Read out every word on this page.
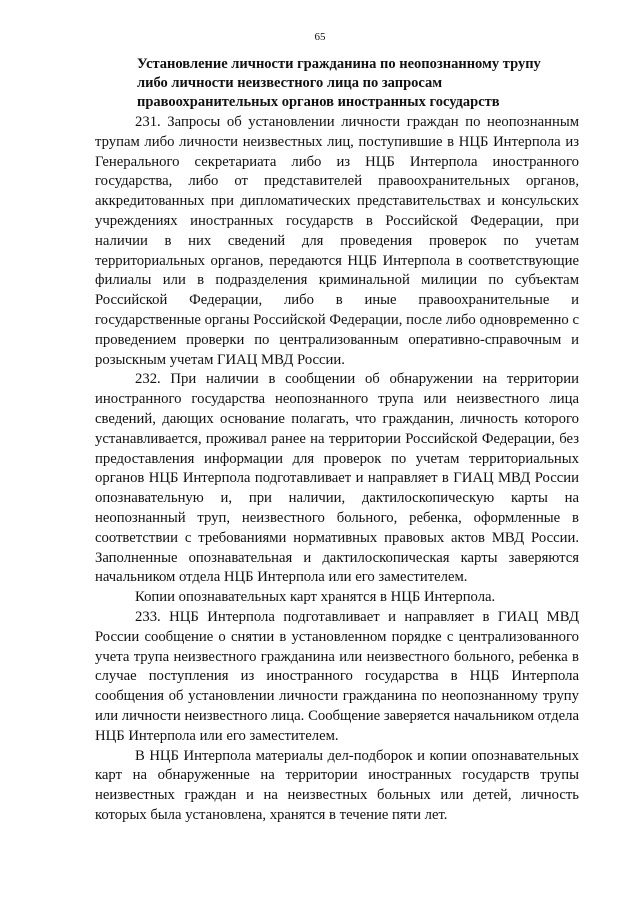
65
Установление личности гражданина по неопознанному трупу
либо личности неизвестного лица по запросам
правоохранительных органов иностранных государств

231. Запросы об установлении личности граждан по неопознанным трупам либо личности неизвестных лиц, поступившие в НЦБ Интерпола из Генерального секретариата либо из НЦБ Интерпола иностранного государства, либо от представителей правоохранительных органов, аккредитованных при дипломатических представительствах и консульских учреждениях иностранных государств в Российской Федерации, при наличии в них сведений для проведения проверок по учетам территориальных органов, передаются НЦБ Интерпола в соответствующие филиалы или в подразделения криминальной милиции по субъектам Российской Федерации, либо в иные правоохранительные и государственные органы Российской Федерации, после либо одновременно с проведением проверки по централизованным оперативно-справочным и розыскным учетам ГИАЦ МВД России.

232. При наличии в сообщении об обнаружении на территории иностранного государства неопознанного трупа или неизвестного лица сведений, дающих основание полагать, что гражданин, личность которого устанавливается, проживал ранее на территории Российской Федерации, без предоставления информации для проверок по учетам территориальных органов НЦБ Интерпола подготавливает и направляет в ГИАЦ МВД России опознавательную и, при наличии, дактилоскопическую карты на неопознанный труп, неизвестного больного, ребенка, оформленные в соответствии с требованиями нормативных правовых актов МВД России. Заполненные опознавательная и дактилоскопическая карты заверяются начальником отдела НЦБ Интерпола или его заместителем.

Копии опознавательных карт хранятся в НЦБ Интерпола.

233. НЦБ Интерпола подготавливает и направляет в ГИАЦ МВД России сообщение о снятии в установленном порядке с централизованного учета трупа неизвестного гражданина или неизвестного больного, ребенка в случае поступления из иностранного государства в НЦБ Интерпола сообщения об установлении личности гражданина по неопознанному трупу или личности неизвестного лица. Сообщение заверяется начальником отдела НЦБ Интерпола или его заместителем.

В НЦБ Интерпола материалы дел-подборок и копии опознавательных карт на обнаруженные на территории иностранных государств трупы неизвестных граждан и на неизвестных больных или детей, личность которых была установлена, хранятся в течение пяти лет.
